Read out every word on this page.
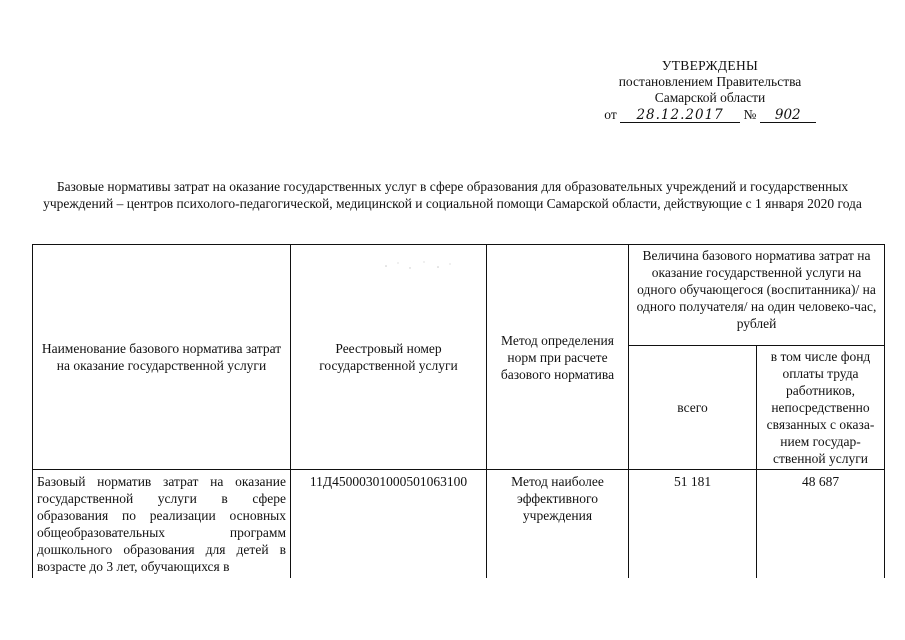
УТВЕРЖДЕНЫ
постановлением Правительства
Самарской области
от 28.12.2017 № 902
Базовые нормативы затрат на оказание государственных услуг в сфере образования для образовательных учреждений и государственных учреждений – центров психолого-педагогической, медицинской и социальной помощи Самарской области, действующие с 1 января 2020 года
Наименование базового норматива затрат на оказание государственной услуги	Реестровый номер государственной услуги	Метод определения норм при расчете базового норматива	Величина базового норматива затрат на оказание государственной услуги на одного обучающегося (воспитанника)/ на одного получателя/ на один человеко-час, рублей	
			всего	в том числе фонд оплаты труда работников, непосредственно связанных с оказа-нием государ-ственной услуги
Базовый норматив затрат на оказание государственной услуги в сфере образования по реализации основных общеобразовательных программ дошкольного образования для детей в возрасте до 3 лет, обучающихся в	11Д45000301000501063100	Метод наиболее эффективного учреждения	51 181	48 687
